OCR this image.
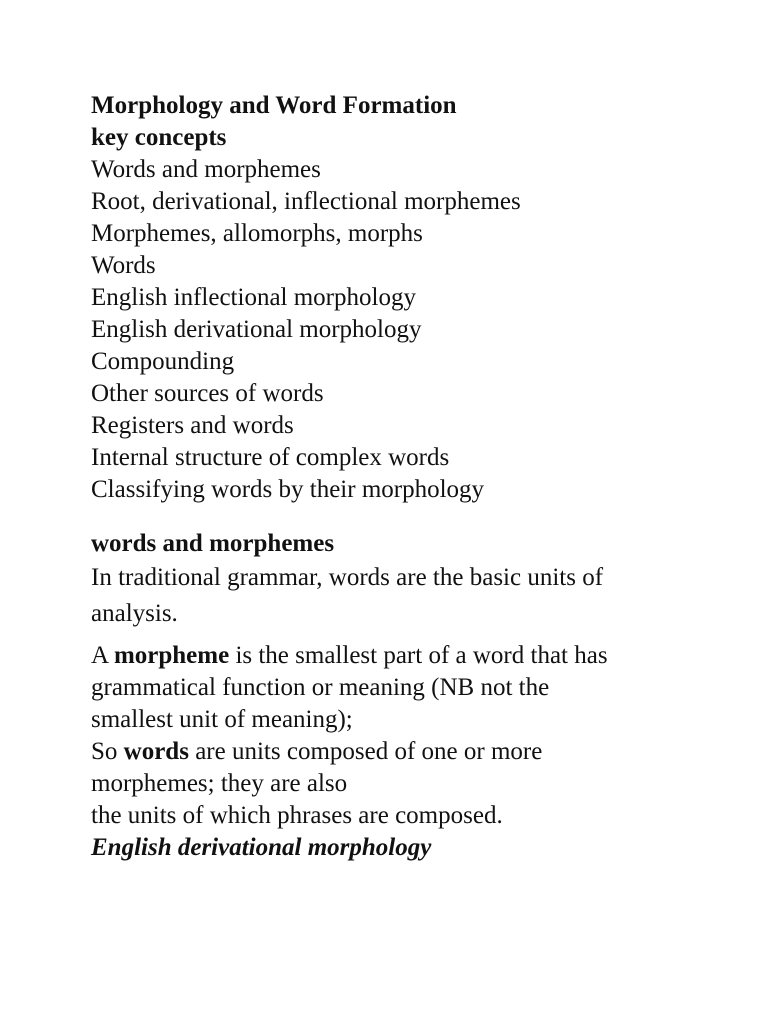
Morphology and Word Formation
key concepts
Words and morphemes
Root, derivational, inflectional morphemes
Morphemes, allomorphs, morphs
Words
English inflectional morphology
English derivational morphology
Compounding
Other sources of words
Registers and words
Internal structure of complex words
Classifying words by their morphology
words and morphemes
In traditional grammar, words are the basic units of
analysis.
A morpheme is the smallest part of a word that has
grammatical function or meaning (NB not the
smallest unit of meaning);
So words are units composed of one or more
morphemes; they are also
the units of which phrases are composed.
English derivational morphology
